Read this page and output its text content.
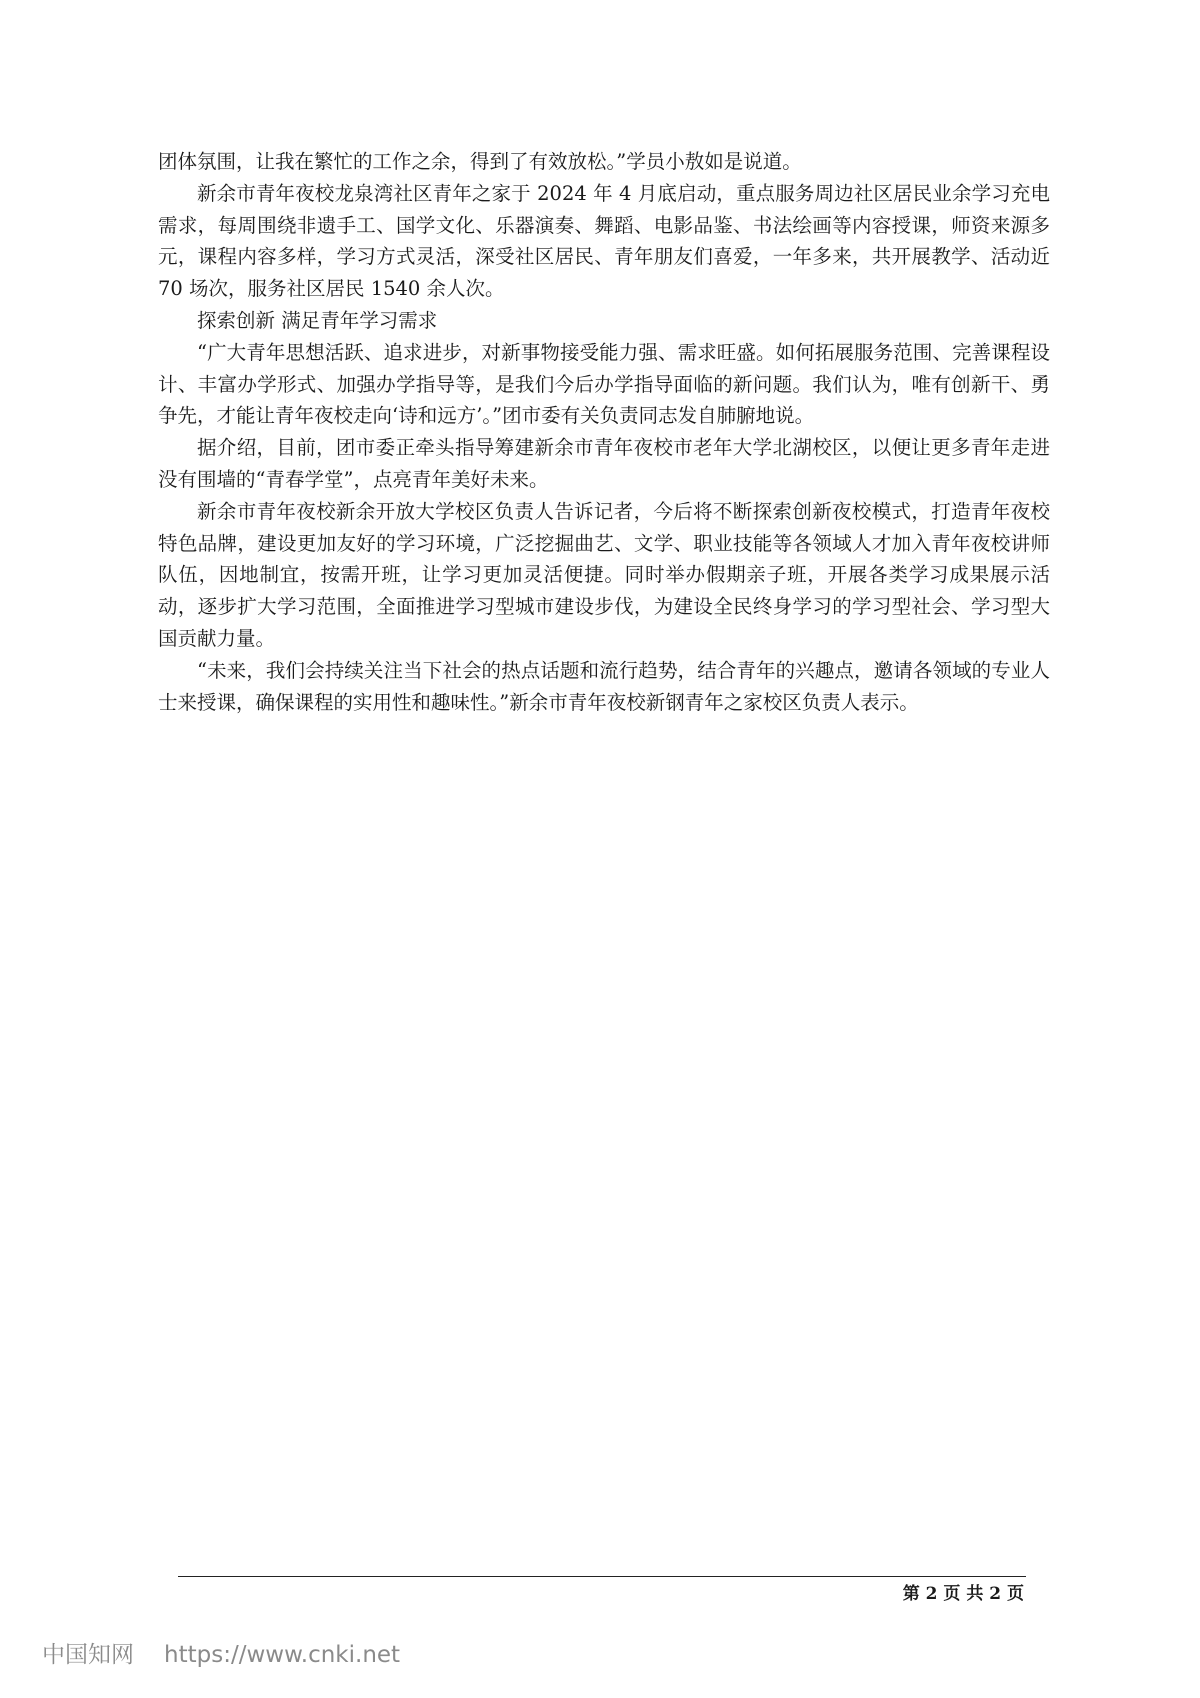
团体氛围，让我在繁忙的工作之余，得到了有效放松。”学员小敖如是说道。

新余市青年夜校龙泉湾社区青年之家于 2024 年 4 月底启动，重点服务周边社区居民业余学习充电需求，每周围绕非遗手工、国学文化、乐器演奏、舞蹈、电影品鉴、书法绘画等内容授课，师资来源多元，课程内容多样，学习方式灵活，深受社区居民、青年朋友们喜爱，一年多来，共开展教学、活动近 70 场次，服务社区居民 1540 余人次。

探索创新 满足青年学习需求

“广大青年思想活跃、追求进步，对新事物接受能力强、需求旺盛。如何拓展服务范围、完善课程设计、丰富办学形式、加强办学指导等，是我们今后办学指导面临的新问题。我们认为，唯有创新干、勇争先，才能让青年夜校走向‘诗和远方’。”团市委有关负责同志发自肺腑地说。

据介绍，目前，团市委正牵头指导筹建新余市青年夜校市老年大学北湖校区，以便让更多青年走进没有围墙的“青春学堂”，点亮青年美好未来。

新余市青年夜校新余开放大学校区负责人告诉记者，今后将不断探索创新夜校模式，打造青年夜校特色品牌，建设更加友好的学习环境，广泛挖掘曲艺、文学、职业技能等各领域人才加入青年夜校讲师队伍，因地制宜，按需开班，让学习更加灵活便捷。同时举办假期亲子班，开展各类学习成果展示活动，逐步扩大学习范围，全面推进学习型城市建设步伐，为建设全民终身学习的学习型社会、学习型大国贡献力量。

“未来，我们会持续关注当下社会的热点话题和流行趋势，结合青年的兴趣点，邀请各领域的专业人士来授课，确保课程的实用性和趣味性。”新余市青年夜校新钢青年之家校区负责人表示。

第 2 页 共 2 页
中国知网 https://www.cnki.net
